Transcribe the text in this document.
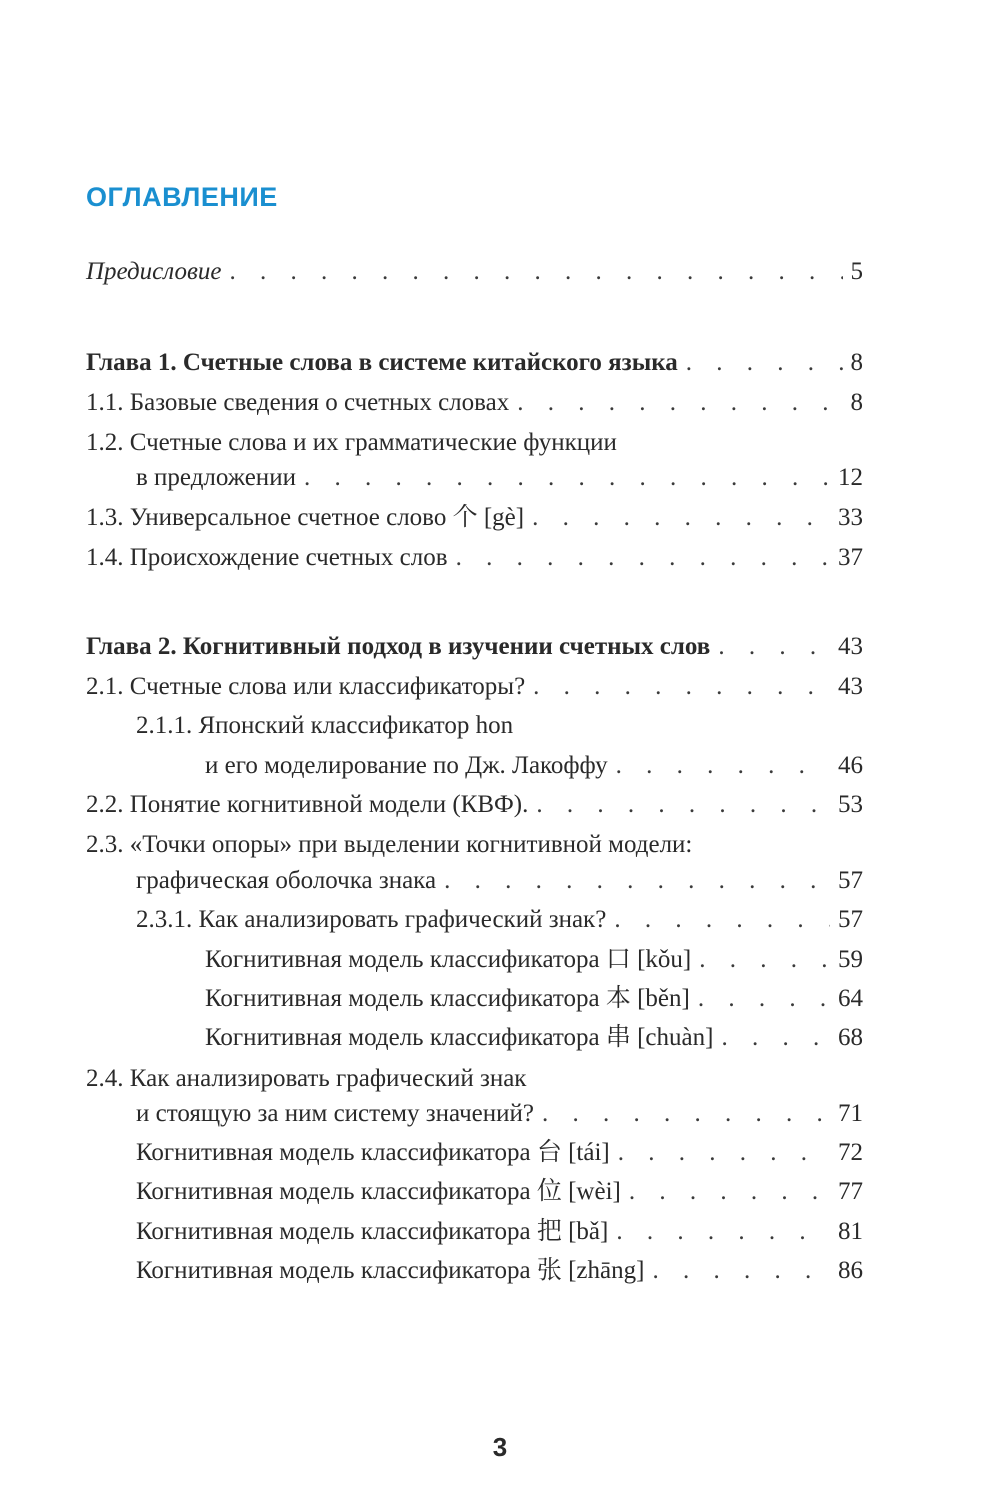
ОГЛАВЛЕНИЕ
Предисловие . . .	5
Глава 1. Счетные слова в системе китайского языка . . .	8
1.1. Базовые сведения о счетных словах . . .	8
1.2. Счетные слова и их грамматические функции
в предложении . . .	12
1.3. Универсальное счетное слово 个 [gè] . . .	33
1.4. Происхождение счетных слов . . .	37
Глава 2. Когнитивный подход в изучении счетных слов . . .	43
2.1. Счетные слова или классификаторы? . . .	43
2.1.1. Японский классификатор hon
и его моделирование по Дж. Лакоффу . . .	46
2.2. Понятие когнитивной модели (КВФ). . . .	53
2.3. «Точки опоры» при выделении когнитивной модели:
графическая оболочка знака . . .	57
2.3.1. Как анализировать графический знак? . . .	57
Когнитивная модель классификатора 口 [kǒu] . . .	59
Когнитивная модель классификатора 本 [běn] . . .	64
Когнитивная модель классификатора 串 [chuàn] . . .	68
2.4. Как анализировать графический знак
и стоящую за ним систему значений? . . .	71
Когнитивная модель классификатора 台 [tái] . . .	72
Когнитивная модель классификатора 位 [wèi] . . .	77
Когнитивная модель классификатора 把 [bǎ] . . .	81
Когнитивная модель классификатора 张 [zhāng] . . .	86
3
